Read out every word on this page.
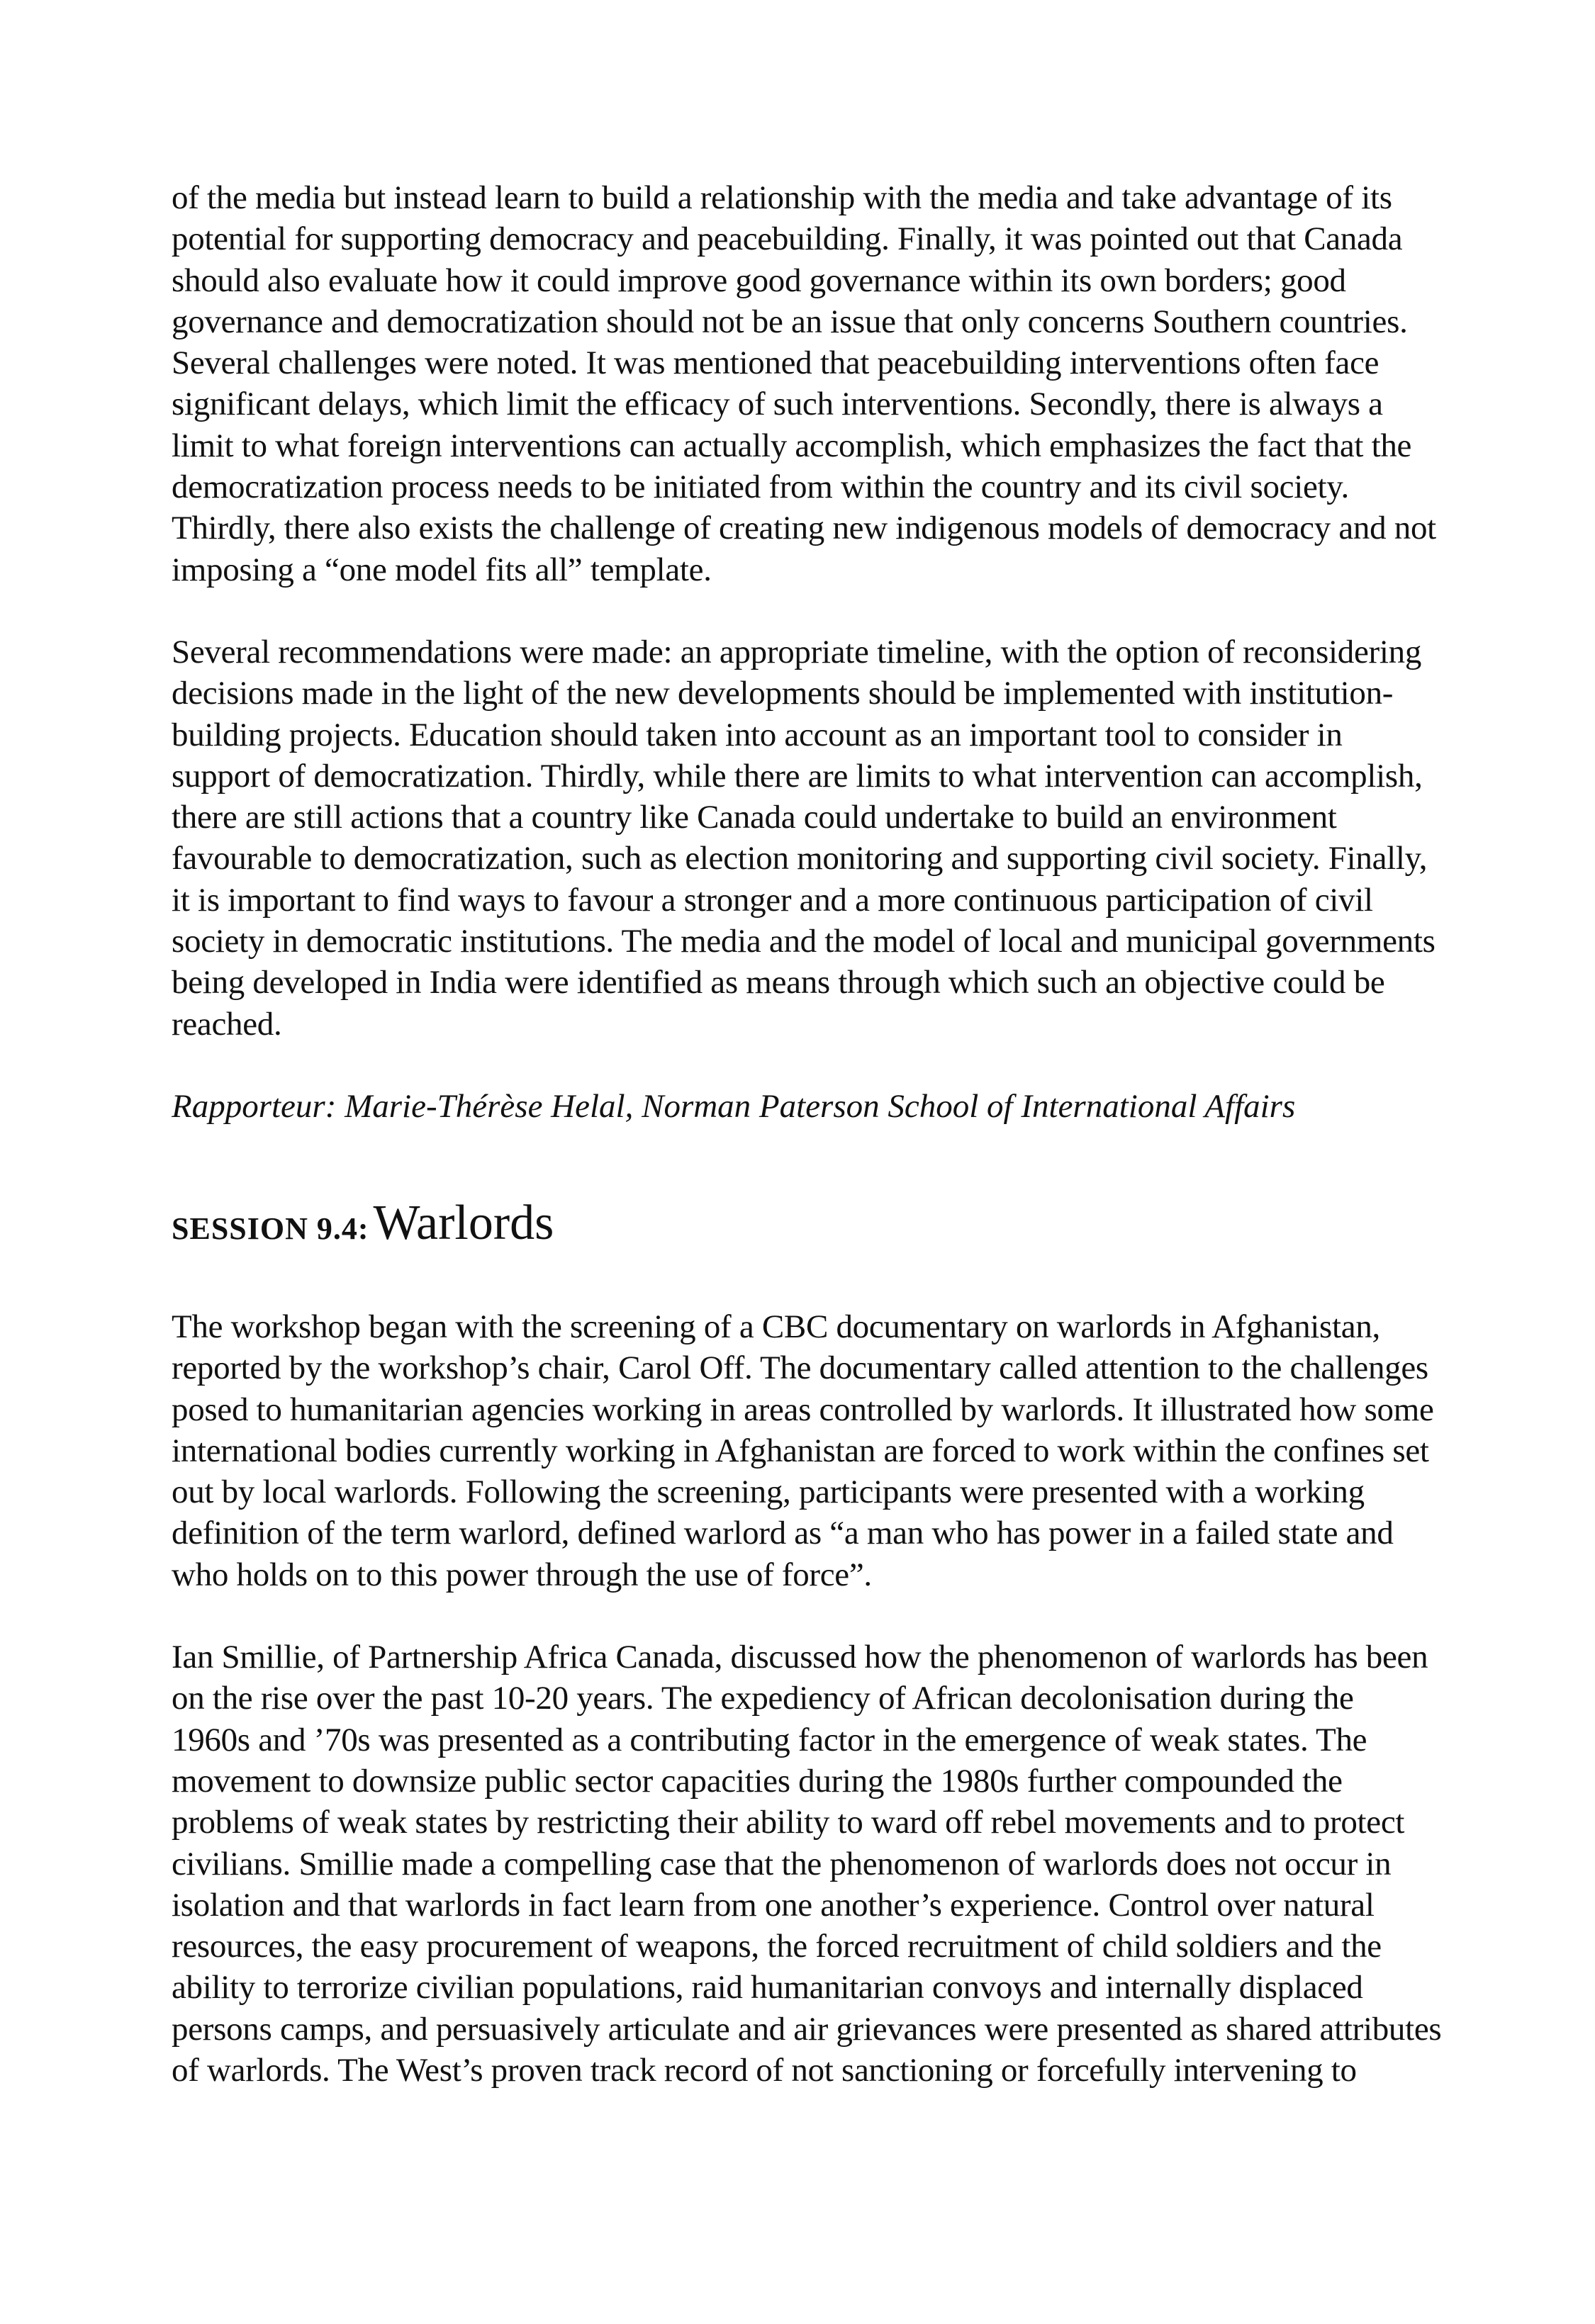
of the media but instead learn to build a relationship with the media and take advantage of its
potential for supporting democracy and peacebuilding. Finally, it was pointed out that Canada
should also evaluate how it could improve good governance within its own borders; good
governance and democratization should not be an issue that only concerns Southern countries.
Several challenges were noted. It was mentioned that peacebuilding interventions often face
significant delays, which limit the efficacy of such interventions. Secondly, there is always a
limit to what foreign interventions can actually accomplish, which emphasizes the fact that the
democratization process needs to be initiated from within the country and its civil society.
Thirdly, there also exists the challenge of creating new indigenous models of democracy and not
imposing a “one model fits all” template.

Several recommendations were made: an appropriate timeline, with the option of reconsidering
decisions made in the light of the new developments should be implemented with institution-
building projects. Education should taken into account as an important tool to consider in
support of democratization. Thirdly, while there are limits to what intervention can accomplish,
there are still actions that a country like Canada could undertake to build an environment
favourable to democratization, such as election monitoring and supporting civil society. Finally,
it is important to find ways to favour a stronger and a more continuous participation of civil
society in democratic institutions. The media and the model of local and municipal governments
being developed in India were identified as means through which such an objective could be
reached.

Rapporteur: Marie-Thérèse Helal, Norman Paterson School of International Affairs

SESSION 9.4: Warlords

The workshop began with the screening of a CBC documentary on warlords in Afghanistan,
reported by the workshop’s chair, Carol Off. The documentary called attention to the challenges
posed to humanitarian agencies working in areas controlled by warlords. It illustrated how some
international bodies currently working in Afghanistan are forced to work within the confines set
out by local warlords. Following the screening, participants were presented with a working
definition of the term warlord, defined warlord as “a man who has power in a failed state and
who holds on to this power through the use of force”.

Ian Smillie, of Partnership Africa Canada, discussed how the phenomenon of warlords has been
on the rise over the past 10-20 years. The expediency of African decolonisation during the
1960s and ’70s was presented as a contributing factor in the emergence of weak states. The
movement to downsize public sector capacities during the 1980s further compounded the
problems of weak states by restricting their ability to ward off rebel movements and to protect
civilians. Smillie made a compelling case that the phenomenon of warlords does not occur in
isolation and that warlords in fact learn from one another’s experience. Control over natural
resources, the easy procurement of weapons, the forced recruitment of child soldiers and the
ability to terrorize civilian populations, raid humanitarian convoys and internally displaced
persons camps, and persuasively articulate and air grievances were presented as shared attributes
of warlords. The West’s proven track record of not sanctioning or forcefully intervening to
